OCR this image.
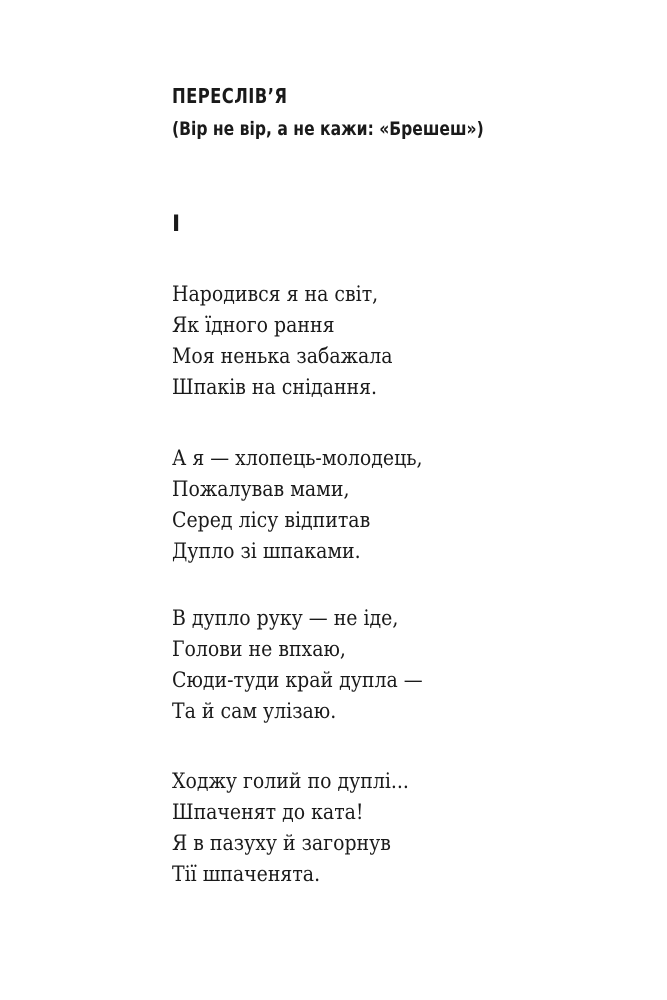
ПЕРЕСЛІВ’Я
(Вір не вір, а не кажи: «Брешеш»)
I
Народився я на світ,
Як їдного рання
Моя ненька забажала
Шпаків на снідання.
А я — хлопець-молодець,
Пожалував мами,
Серед лісу відпитав
Дупло зі шпаками.
В дупло руку — не іде,
Голови не впхаю,
Сюди-туди край дупла —
Та й сам улізаю.
Ходжу голий по дуплі...
Шпаченят до ката!
Я в пазуху й загорнув
Тії шпаченята.
